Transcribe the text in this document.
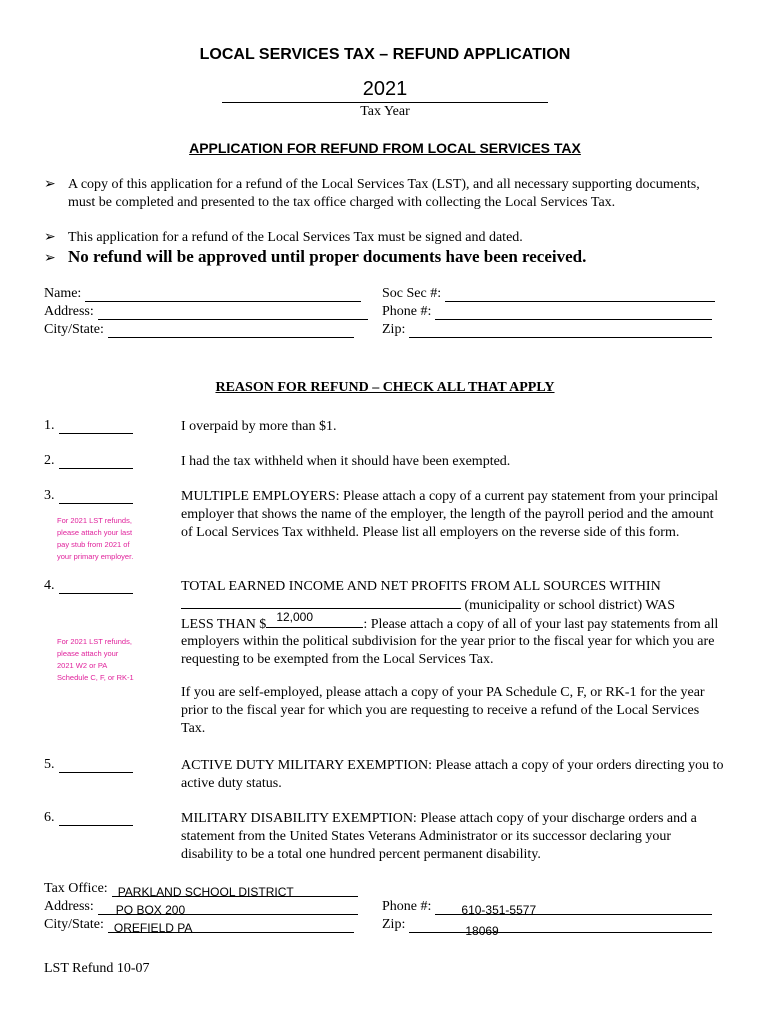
LOCAL SERVICES TAX – REFUND APPLICATION
2021
Tax Year
APPLICATION FOR REFUND FROM LOCAL SERVICES TAX
➢ A copy of this application for a refund of the Local Services Tax (LST), and all necessary supporting documents, must be completed and presented to the tax office charged with collecting the Local Services Tax.
➢ This application for a refund of the Local Services Tax must be signed and dated.
➢ No refund will be approved until proper documents have been received.
Name:
Address:
City/State:
Soc Sec #:
Phone #:
Zip:
REASON FOR REFUND – CHECK ALL THAT APPLY
1.	I overpaid by more than $1.
2.	I had the tax withheld when it should have been exempted.
3.	MULTIPLE EMPLOYERS: Please attach a copy of a current pay statement from your principal employer that shows the name of the employer, the length of the payroll period and the amount of Local Services Tax withheld. Please list all employers on the reverse side of this form.
For 2021 LST refunds,
please attach your last
pay stub from 2021 of
your primary employer.
4.	TOTAL EARNED INCOME AND NET PROFITS FROM ALL SOURCES WITHIN
(municipality or school district) WAS
LESS THAN $ 12,000	: Please attach a copy of all of your last pay statements from all employers within the political subdivision for the year prior to the fiscal year for which you are requesting to be exempted from the Local Services Tax.
For 2021 LST refunds,
please attach your
2021 W2 or PA
Schedule C, F, or RK-1
If you are self-employed, please attach a copy of your PA Schedule C, F, or RK-1 for the year prior to the fiscal year for which you are requesting to receive a refund of the Local Services Tax.
5.	ACTIVE DUTY MILITARY EXEMPTION: Please attach a copy of your orders directing you to active duty status.
6.	MILITARY DISABILITY EXEMPTION: Please attach copy of your discharge orders and a statement from the United States Veterans Administrator or its successor declaring your disability to be a total one hundred percent permanent disability.
Tax Office: PARKLAND SCHOOL DISTRICT
Address: PO BOX 200
City/State: OREFIELD PA
Phone #:	610-351-5577
Zip:	18069
LST Refund 10-07
